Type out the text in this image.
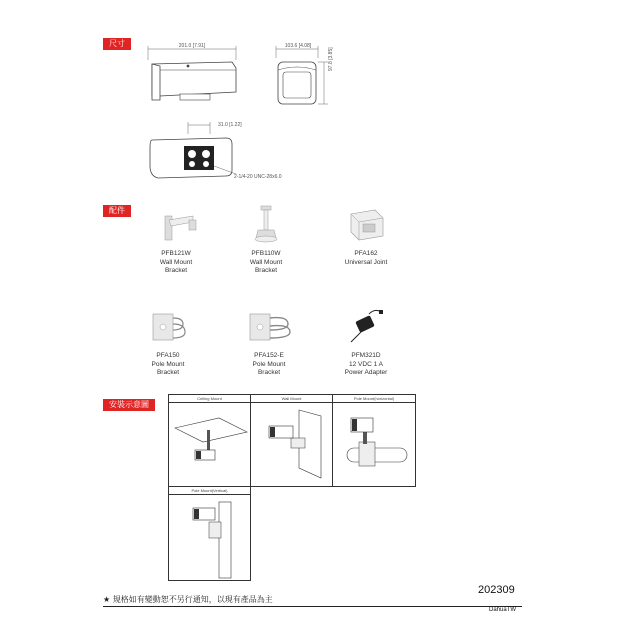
尺寸	201.0 [7.91]	103.6 [4.08]
97.8 [3.85]
31.0 [1.22]
2-1/4-20 UNC-28x6.0
配件
PFB121W
Wall Mount
Bracket
PFB110W
Wall Mount
Bracket
PFA162
Universal Joint
PFA150
Pole Mount
Bracket
PFA152-E
Pole Mount
Bracket
PFM321D
12 VDC 1 A
Power Adapter
安裝示意圖
Ceiling Mount	Wall Mount	Pole Mount(horizontal)
Pole Mount(Vertical)
202309
★ 規格如有變動恕不另行通知，以現有產品為主
DahuaTW
